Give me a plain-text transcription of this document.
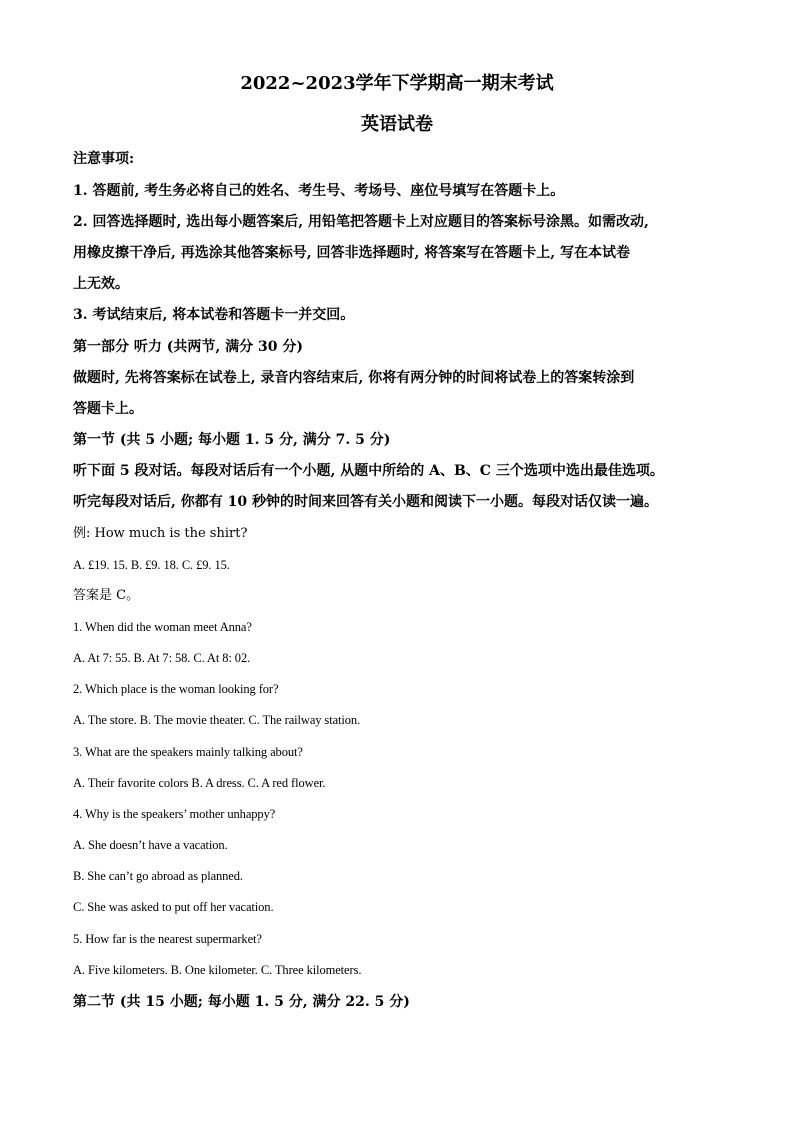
2022~2023学年下学期高一期末考试
英语试卷

注意事项:

1. 答题前, 考生务必将自己的姓名、考生号、考场号、座位号填写在答题卡上。

2. 回答选择题时, 选出每小题答案后, 用铅笔把答题卡上对应题目的答案标号涂黑。如需改动,

用橡皮擦干净后, 再选涂其他答案标号, 回答非选择题时, 将答案写在答题卡上, 写在本试卷

上无效。

3. 考试结束后, 将本试卷和答题卡一并交回。

第一部分 听力 (共两节, 满分 30 分)

做题时, 先将答案标在试卷上, 录音内容结束后, 你将有两分钟的时间将试卷上的答案转涂到

答题卡上。

第一节 (共 5 小题; 每小题 1. 5 分, 满分 7. 5 分)

听下面 5 段对话。每段对话后有一个小题, 从题中所给的 A、B、C 三个选项中选出最佳选项。

听完每段对话后, 你都有 10 秒钟的时间来回答有关小题和阅读下一小题。每段对话仅读一遍。

例: How much is the shirt?

A. £19. 15. B. £9. 18. C. £9. 15.

答案是 C。

1. When did the woman meet Anna?

A. At 7: 55. B. At 7: 58. C. At 8: 02.

2. Which place is the woman looking for?

A. The store. B. The movie theater. C. The railway station.

3. What are the speakers mainly talking about?

A. Their favorite colors B. A dress. C. A red flower.

4. Why is the speakers’ mother unhappy?

A. She doesn’t have a vacation.

B. She can’t go abroad as planned.

C. She was asked to put off her vacation.

5. How far is the nearest supermarket?

A. Five kilometers. B. One kilometer. C. Three kilometers.

第二节 (共 15 小题; 每小题 1. 5 分, 满分 22. 5 分)
